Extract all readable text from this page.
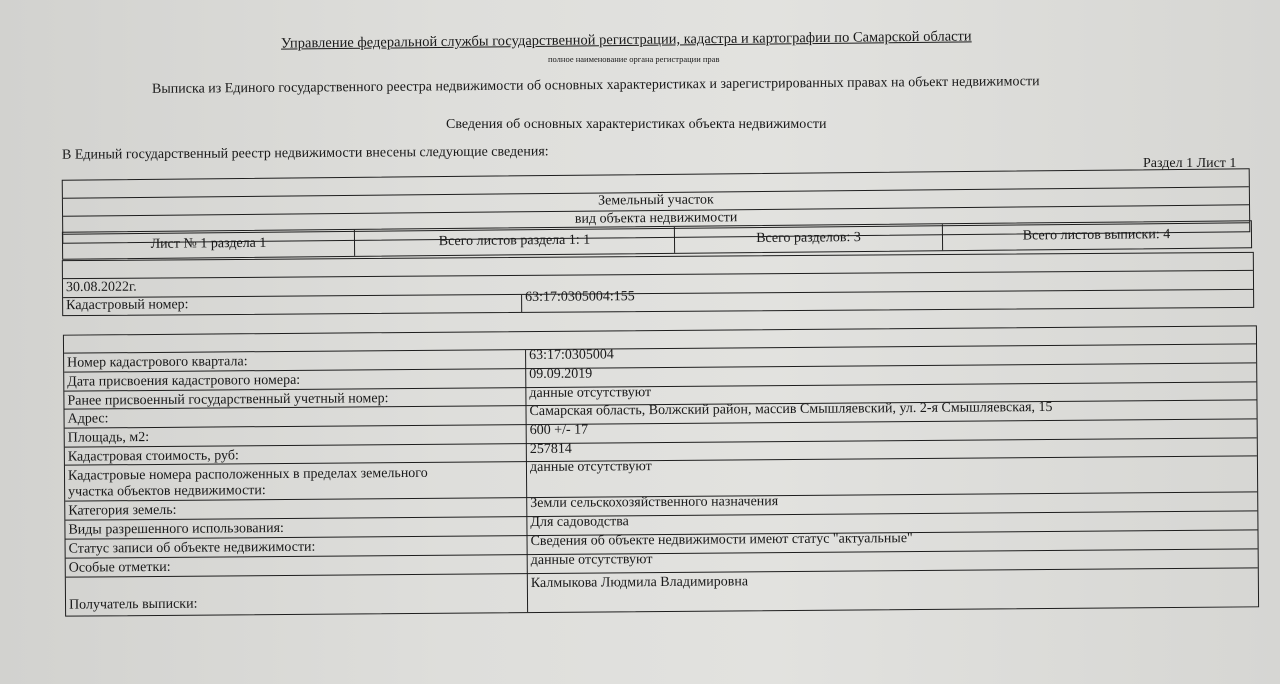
Управление федеральной службы государственной регистрации, кадастра и картографии по Самарской области
полное наименование органа регистрации прав
Выписка из Единого государственного реестра недвижимости об основных характеристиках и зарегистрированных правах на объект недвижимости
Сведения об основных характеристиках объекта недвижимости
В Единый государственный реестр недвижимости внесены следующие сведения:
Раздел 1 Лист 1
Земельный участок
вид объекта недвижимости
Лист № 1 раздела 1	Всего листов раздела 1: 1	Всего разделов: 3	Всего листов выписки: 4
30.08.2022г.
Кадастровый номер:
63:17:0305004:155
Номер кадастрового квартала:	63:17:0305004
Дата присвоения кадастрового номера:	09.09.2019
Ранее присвоенный государственный учетный номер:	данные отсутствуют
Адрес:	Самарская область, Волжский район, массив Смышляевский, ул. 2-я Смышляевская, 15
Площадь, м2:	600 +/- 17
Кадастровая стоимость, руб:	257814
Кадастровые номера расположенных в пределах земельного
участка объектов недвижимости:
данные отсутствуют
Категория земель:	Земли сельскохозяйственного назначения
Виды разрешенного использования:	Для садоводства
Статус записи об объекте недвижимости:	Сведения об объекте недвижимости имеют статус "актуальные"
Особые отметки:	данные отсутствуют
Получатель выписки:
Калмыкова Людмила Владимировна
